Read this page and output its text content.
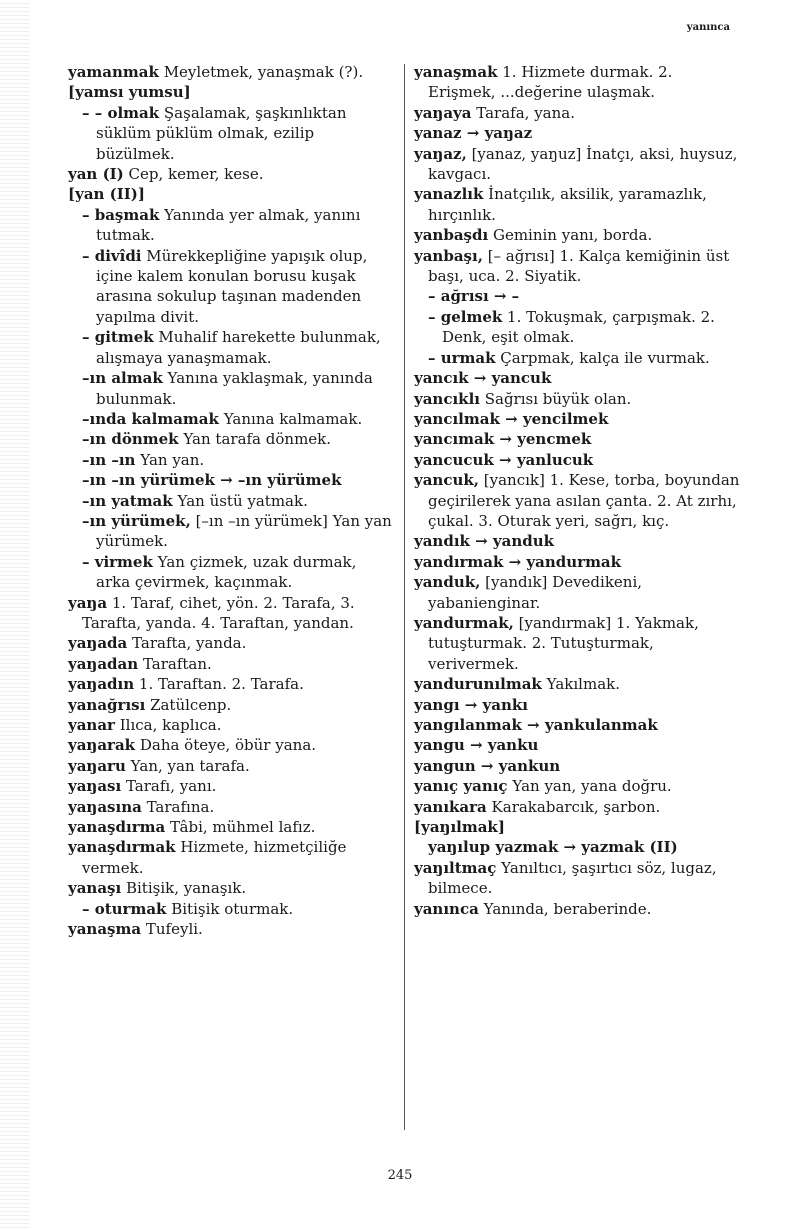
yanınca
yamanmak Meyletmek, yanaşmak (?).
[yamsı yumsu]
– – olmak Şaşalamak, şaşkınlıktan süklüm püklüm olmak, ezilip büzülmek.
yan (I) Cep, kemer, kese.
[yan (II)]
– başmak Yanında yer almak, yanını tutmak.
– divîdi Mürekkepliğine yapışık olup, içine kalem konulan borusu kuşak arasına sokulup taşınan madenden yapılma divit.
– gitmek Muhalif harekette bulunmak, alışmaya yanaşmamak.
–ın almak Yanına yaklaşmak, yanında bulunmak.
–ında kalmamak Yanına kalmamak.
–ın dönmek Yan tarafa dönmek.
–ın –ın Yan yan.
–ın –ın yürümek → –ın yürümek
–ın yatmak Yan üstü yatmak.
–ın yürümek, [–ın –ın yürümek] Yan yan yürümek.
– virmek Yan çizmek, uzak durmak, arka çevirmek, kaçınmak.
yaŋa 1. Taraf, cihet, yön. 2. Tarafa, 3. Tarafta, yanda. 4. Taraftan, yandan.
yaŋada Tarafta, yanda.
yaŋadan Taraftan.
yaŋadın 1. Taraftan. 2. Tarafa.
yanağrısı Zatülcenp.
yanar Ilıca, kaplıca.
yaŋarak Daha öteye, öbür yana.
yaŋaru Yan, yan tarafa.
yaŋası Tarafı, yanı.
yaŋasına Tarafına.
yanaşdırma Tâbi, mühmel lafız.
yanaşdırmak Hizmete, hizmetçiliğe vermek.
yanaşı Bitişik, yanaşık.
– oturmak Bitişik oturmak.
yanaşma Tufeyli.
yanaşmak 1. Hizmete durmak. 2. Erişmek, ...değerine ulaşmak.
yaŋaya Tarafa, yana.
yanaz → yaŋaz
yaŋaz, [yanaz, yaŋuz] İnatçı, aksi, huysuz, kavgacı.
yanazlık İnatçılık, aksilik, yaramazlık, hırçınlık.
yanbaşdı Geminin yanı, borda.
yanbaşı, [– ağrısı] 1. Kalça kemiğinin üst başı, uca. 2. Siyatik.
– ağrısı → –
– gelmek 1. Tokuşmak, çarpışmak. 2. Denk, eşit olmak.
– urmak Çarpmak, kalça ile vurmak.
yancık → yancuk
yancıklı Sağrısı büyük olan.
yancılmak → yencilmek
yancımak → yencmek
yancucuk → yanlucuk
yancuk, [yancık] 1. Kese, torba, boyundan geçirilerek yana asılan çanta. 2. At zırhı, çukal. 3. Oturak yeri, sağrı, kıç.
yandık → yanduk
yandırmak → yandurmak
yanduk, [yandık] Devedikeni, yabanienginar.
yandurmak, [yandırmak] 1. Yakmak, tutuşturmak. 2. Tutuşturmak, verivermek.
yandurunılmak Yakılmak.
yangı → yankı
yangılanmak → yankulanmak
yangu → yanku
yangun → yankun
yanıç yanıç Yan yan, yana doğru.
yanıkara Karakabarcık, şarbon.
[yaŋılmak]
yaŋılup yazmak → yazmak (II)
yaŋıltmaç Yanıltıcı, şaşırtıcı söz, lugaz, bilmece.
yanınca Yanında, beraberinde.
245
